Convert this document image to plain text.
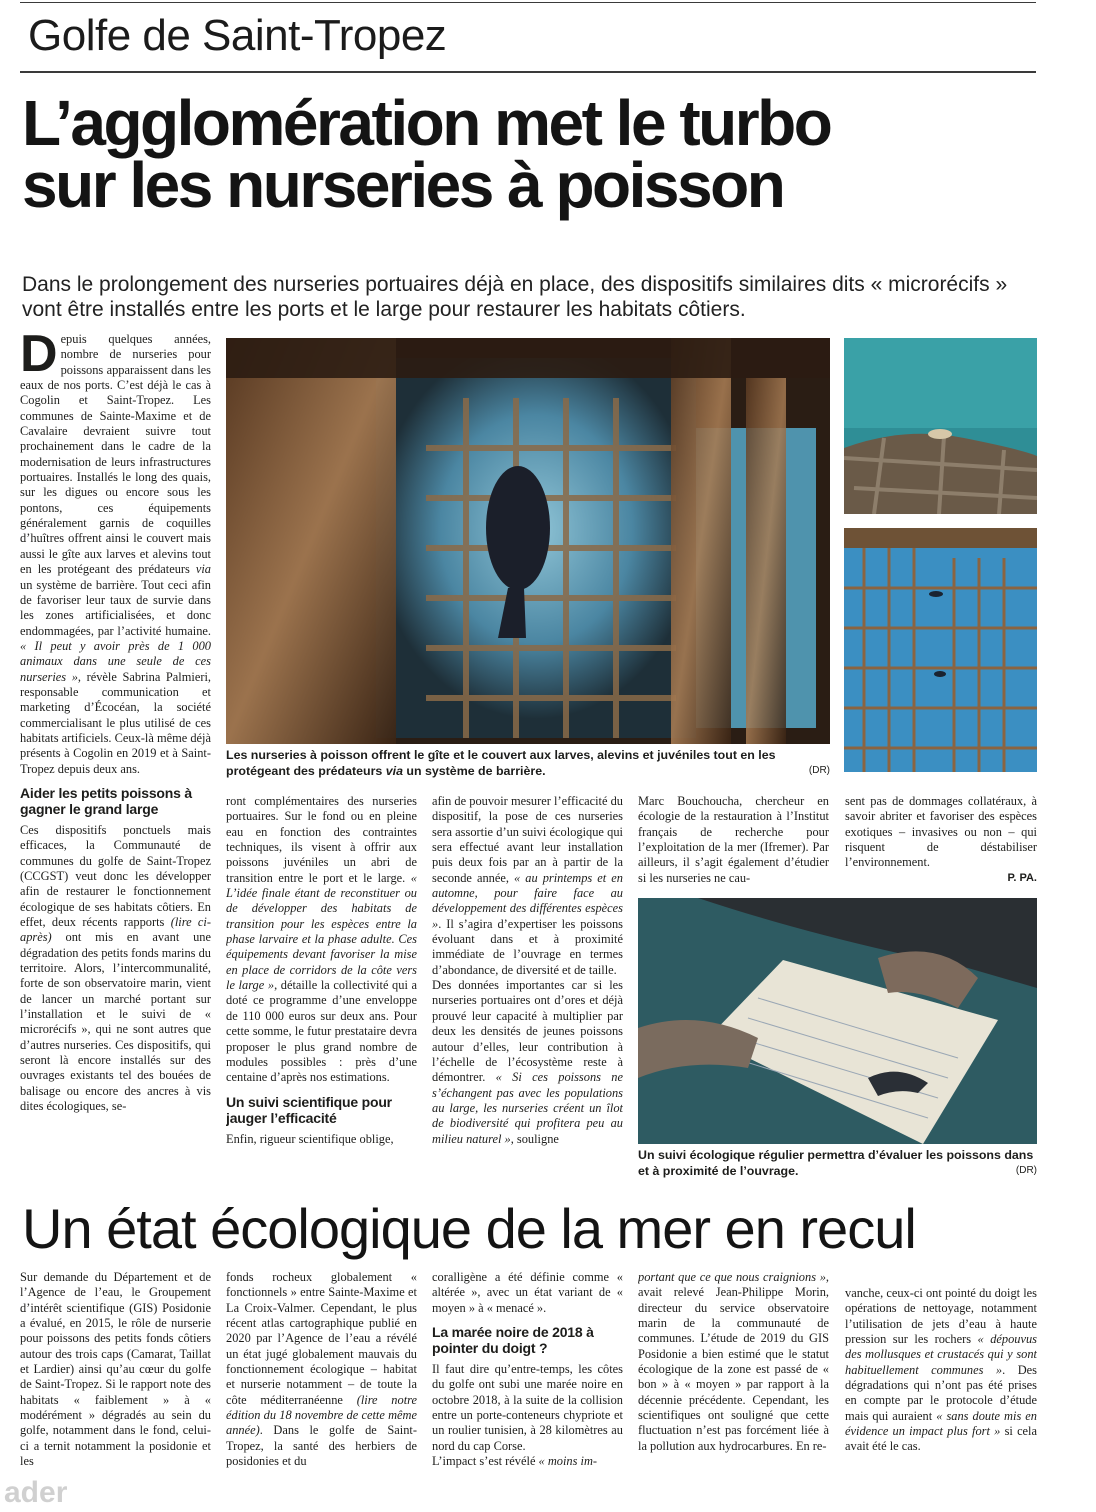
Golfe de Saint-Tropez
L’agglomération met le turbo
sur les nurseries à poisson
Dans le prolongement des nurseries portuaires déjà en place, des dispositifs similaires dits « microrécifs » vont être installés entre les ports et le large pour restaurer les habitats côtiers.

Depuis quelques années, nombre de nurseries pour poissons apparaissent dans les eaux de nos ports. C’est déjà le cas à Cogolin et Saint-Tropez. Les communes de Sainte-Maxime et de Cavalaire devraient suivre tout prochainement dans le cadre de la modernisation de leurs infrastructures portuaires. Installés le long des quais, sur les digues ou encore sous les pontons, ces équipements généralement garnis de coquilles d’huîtres offrent ainsi le couvert mais aussi le gîte aux larves et alevins tout en les protégeant des prédateurs via un système de barrière. Tout ceci afin de favoriser leur taux de survie dans les zones artificialisées, et donc endommagées, par l’activité humaine. « Il peut y avoir près de 1 000 animaux dans une seule de ces nurseries », révèle Sabrina Palmieri, responsable communication et marketing d’Écocéan, la société commercialisant le plus utilisé de ces habitats artificiels. Ceux-là même déjà présents à Cogolin en 2019 et à Saint-Tropez depuis deux ans.

Aider les petits poissons à gagner le grand large

Ces dispositifs ponctuels mais efficaces, la Communauté de communes du golfe de Saint-Tropez (CCGST) veut donc les développer afin de restaurer le fonctionnement écologique de ses habitats côtiers. En effet, deux récents rapports (lire ci-après) ont mis en avant une dégradation des petits fonds marins du territoire. Alors, l’intercommunalité, forte de son observatoire marin, vient de lancer un marché portant sur l’installation et le suivi de « microrécifs », qui ne sont autres que d’autres nurseries. Ces dispositifs, qui seront là encore installés sur des ouvrages existants tel des bouées de balisage ou encore des ancres à vis dites écologiques, se-

Les nurseries à poisson offrent le gîte et le couvert aux larves, alevins et juvéniles tout en les protégeant des prédateurs via un système de barrière.	(DR)

ront complémentaires des nurseries portuaires. Sur le fond ou en pleine eau en fonction des contraintes techniques, ils visent à offrir aux poissons juvéniles un abri de transition entre le port et le large. « L’idée finale étant de reconstituer ou de développer des habitats de transition pour les espèces entre la phase larvaire et la phase adulte. Ces équipements devant favoriser la mise en place de corridors de la côte vers le large », détaille la collectivité qui a doté ce programme d’une enveloppe de 110 000 euros sur deux ans. Pour cette somme, le futur prestataire devra proposer le plus grand nombre de modules possibles : près d’une centaine d’après nos estimations.

Un suivi scientifique pour jauger l’efficacité

Enfin, rigueur scientifique oblige,

afin de pouvoir mesurer l’efficacité du dispositif, la pose de ces nurseries sera assortie d’un suivi écologique qui sera effectué avant leur installation puis deux fois par an à partir de la seconde année, « au printemps et en automne, pour faire face au développement des différentes espèces ». Il s’agira d’expertiser les poissons évoluant dans et à proximité immédiate de l’ouvrage en termes d’abondance, de diversité et de taille.

Des données importantes car si les nurseries portuaires ont d’ores et déjà prouvé leur capacité à multiplier par deux les densités de jeunes poissons autour d’elles, leur contribution à l’échelle de l’écosystème reste à démontrer. « Si ces poissons ne s’échangent pas avec les populations au large, les nurseries créent un îlot de biodiversité qui profitera peu au milieu naturel », souligne

Marc Bouchoucha, chercheur en écologie de la restauration à l’Institut français de recherche pour l’exploitation de la mer (Ifremer). Par ailleurs, il s’agit également d’étudier si les nurseries ne cau-

sent pas de dommages collatéraux, à savoir abriter et favoriser des espèces exotiques – invasives ou non – qui risquent de déstabiliser l’environnement.

P. PA.
Un suivi écologique régulier permettra d’évaluer les poissons dans et à proximité de l’ouvrage.	(DR)
Un état écologique de la mer en recul

Sur demande du Département et de l’Agence de l’eau, le Groupement d’intérêt scientifique (GIS) Posidonie a évalué, en 2015, le rôle de nurserie pour poissons des petits fonds côtiers autour des trois caps (Camarat, Taillat et Lardier) ainsi qu’au cœur du golfe de Saint-Tropez. Si le rapport note des habitats « faiblement » à « modérément » dégradés au sein du golfe, notamment dans le fond, celui-ci a ternit notamment la posidonie et les

fonds rocheux globalement « fonctionnels » entre Sainte-Maxime et La Croix-Valmer. Cependant, le plus récent atlas cartographique publié en 2020 par l’Agence de l’eau a révélé un état jugé globalement mauvais du fonctionnement écologique – habitat et nurserie notamment – de toute la côte méditerranéenne (lire notre édition du 18 novembre de cette même année). Dans le golfe de Saint-Tropez, la santé des herbiers de posidonies et du

coralligène a été définie comme « altérée », avec un état variant de « moyen » à « menacé ».

La marée noire de 2018 à pointer du doigt ?

Il faut dire qu’entre-temps, les côtes du golfe ont subi une marée noire en octobre 2018, à la suite de la collision entre un porte-conteneurs chypriote et un roulier tunisien, à 28 kilomètres au nord du cap Corse.

L’impact s’est révélé « moins im-

portant que ce que nous craignions », avait relevé Jean-Philippe Morin, directeur du service observatoire marin de la communauté de communes. L’étude de 2019 du GIS Posidonie a bien estimé que le statut écologique de la zone est passé de « bon » à « moyen » par rapport à la décennie précédente. Cependant, les scientifiques ont souligné que cette fluctuation n’est pas forcément liée à la pollution aux hydrocarbures. En re-

vanche, ceux-ci ont pointé du doigt les opérations de nettoyage, notamment l’utilisation de jets d’eau à haute pression sur les rochers « dépouvus des mollusques et crustacés qui y sont habituellement communes ». Des dégradations qui n’ont pas été prises en compte par le protocole d’étude mais qui auraient « sans doute mis en évidence un impact plus fort » si cela avait été le cas.

ader
